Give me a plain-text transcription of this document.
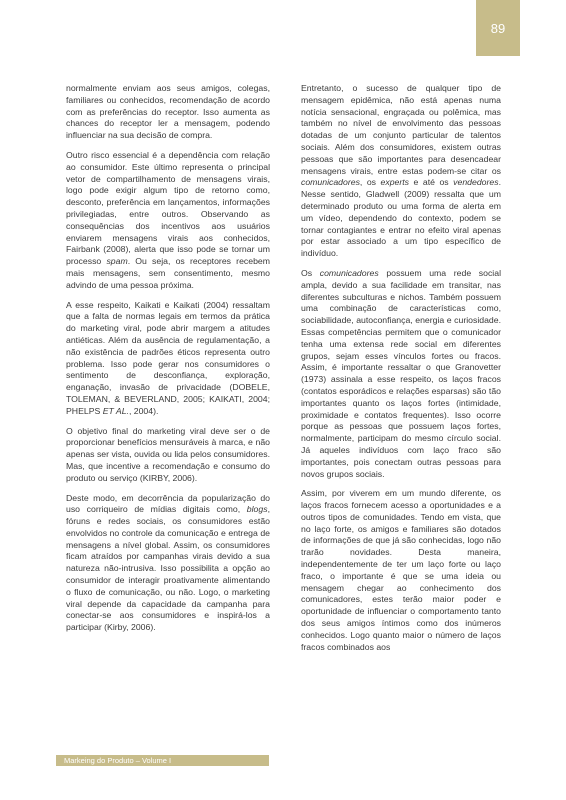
89

normalmente enviam aos seus amigos, colegas, familiares ou conhecidos, recomendação de acordo com as preferências do receptor. Isso aumenta as chances do receptor ler a mensagem, podendo influenciar na sua decisão de compra.

Outro risco essencial é a dependência com relação ao consumidor. Este último representa o principal vetor de compartilhamento de mensagens virais, logo pode exigir algum tipo de retorno como, desconto, preferência em lançamentos, informações privilegiadas, entre outros. Observando as consequências dos incentivos aos usuários enviarem mensagens virais aos conhecidos, Fairbank (2008), alerta que isso pode se tornar um processo spam. Ou seja, os receptores recebem mais mensagens, sem consentimento, mesmo advindo de uma pessoa próxima.

A esse respeito, Kaikati e Kaikati (2004) ressaltam que a falta de normas legais em termos da prática do marketing viral, pode abrir margem a atitudes antiéticas. Além da ausência de regulamentação, a não existência de padrões éticos representa outro problema. Isso pode gerar nos consumidores o sentimento de desconfiança, exploração, enganação, invasão de privacidade (DOBELE, TOLEMAN, & BEVERLAND, 2005; KAIKATI, 2004; PHELPS ET AL., 2004).

O objetivo final do marketing viral deve ser o de proporcionar benefícios mensuráveis à marca, e não apenas ser vista, ouvida ou lida pelos consumidores. Mas, que incentive a recomendação e consumo do produto ou serviço (KIRBY, 2006).

Deste modo, em decorrência da popularização do uso corriqueiro de mídias digitais como, blogs, fóruns e redes sociais, os consumidores estão envolvidos no controle da comunicação e entrega de mensagens a nível global. Assim, os consumidores ficam atraídos por campanhas virais devido a sua natureza não-intrusiva. Isso possibilita a opção ao consumidor de interagir proativamente alimentando o fluxo de comunicação, ou não. Logo, o marketing viral depende da capacidade da campanha para conectar-se aos consumidores e inspirá-los a participar (Kirby, 2006).

Entretanto, o sucesso de qualquer tipo de mensagem epidêmica, não está apenas numa notícia sensacional, engraçada ou polêmica, mas também no nível de envolvimento das pessoas dotadas de um conjunto particular de talentos sociais. Além dos consumidores, existem outras pessoas que são importantes para desencadear mensagens virais, entre estas podem-se citar os comunicadores, os experts e até os vendedores. Nesse sentido, Gladwell (2009) ressalta que um determinado produto ou uma forma de alerta em um vídeo, dependendo do contexto, podem se tornar contagiantes e entrar no efeito viral apenas por estar associado a um tipo específico de indivíduo.

Os comunicadores possuem uma rede social ampla, devido a sua facilidade em transitar, nas diferentes subculturas e nichos. Também possuem uma combinação de características como, sociabilidade, autoconfiança, energia e curiosidade. Essas competências permitem que o comunicador tenha uma extensa rede social em diferentes grupos, sejam esses vínculos fortes ou fracos. Assim, é importante ressaltar o que Granovetter (1973) assinala a esse respeito, os laços fracos (contatos esporádicos e relações esparsas) são tão importantes quanto os laços fortes (intimidade, proximidade e contatos frequentes). Isso ocorre porque as pessoas que possuem laços fortes, normalmente, participam do mesmo círculo social. Já aqueles indivíduos com laço fraco são importantes, pois conectam outras pessoas para novos grupos sociais.

Assim, por viverem em um mundo diferente, os laços fracos fornecem acesso a oportunidades e a outros tipos de comunidades. Tendo em vista, que no laço forte, os amigos e familiares são dotados de informações de que já são conhecidas, logo não trarão novidades. Desta maneira, independentemente de ter um laço forte ou laço fraco, o importante é que se uma ideia ou mensagem chegar ao conhecimento dos comunicadores, estes terão maior poder e oportunidade de influenciar o comportamento tanto dos seus amigos íntimos como dos inúmeros conhecidos. Logo quanto maior o número de laços fracos combinados aos

Markeing do Produto – Volume I
